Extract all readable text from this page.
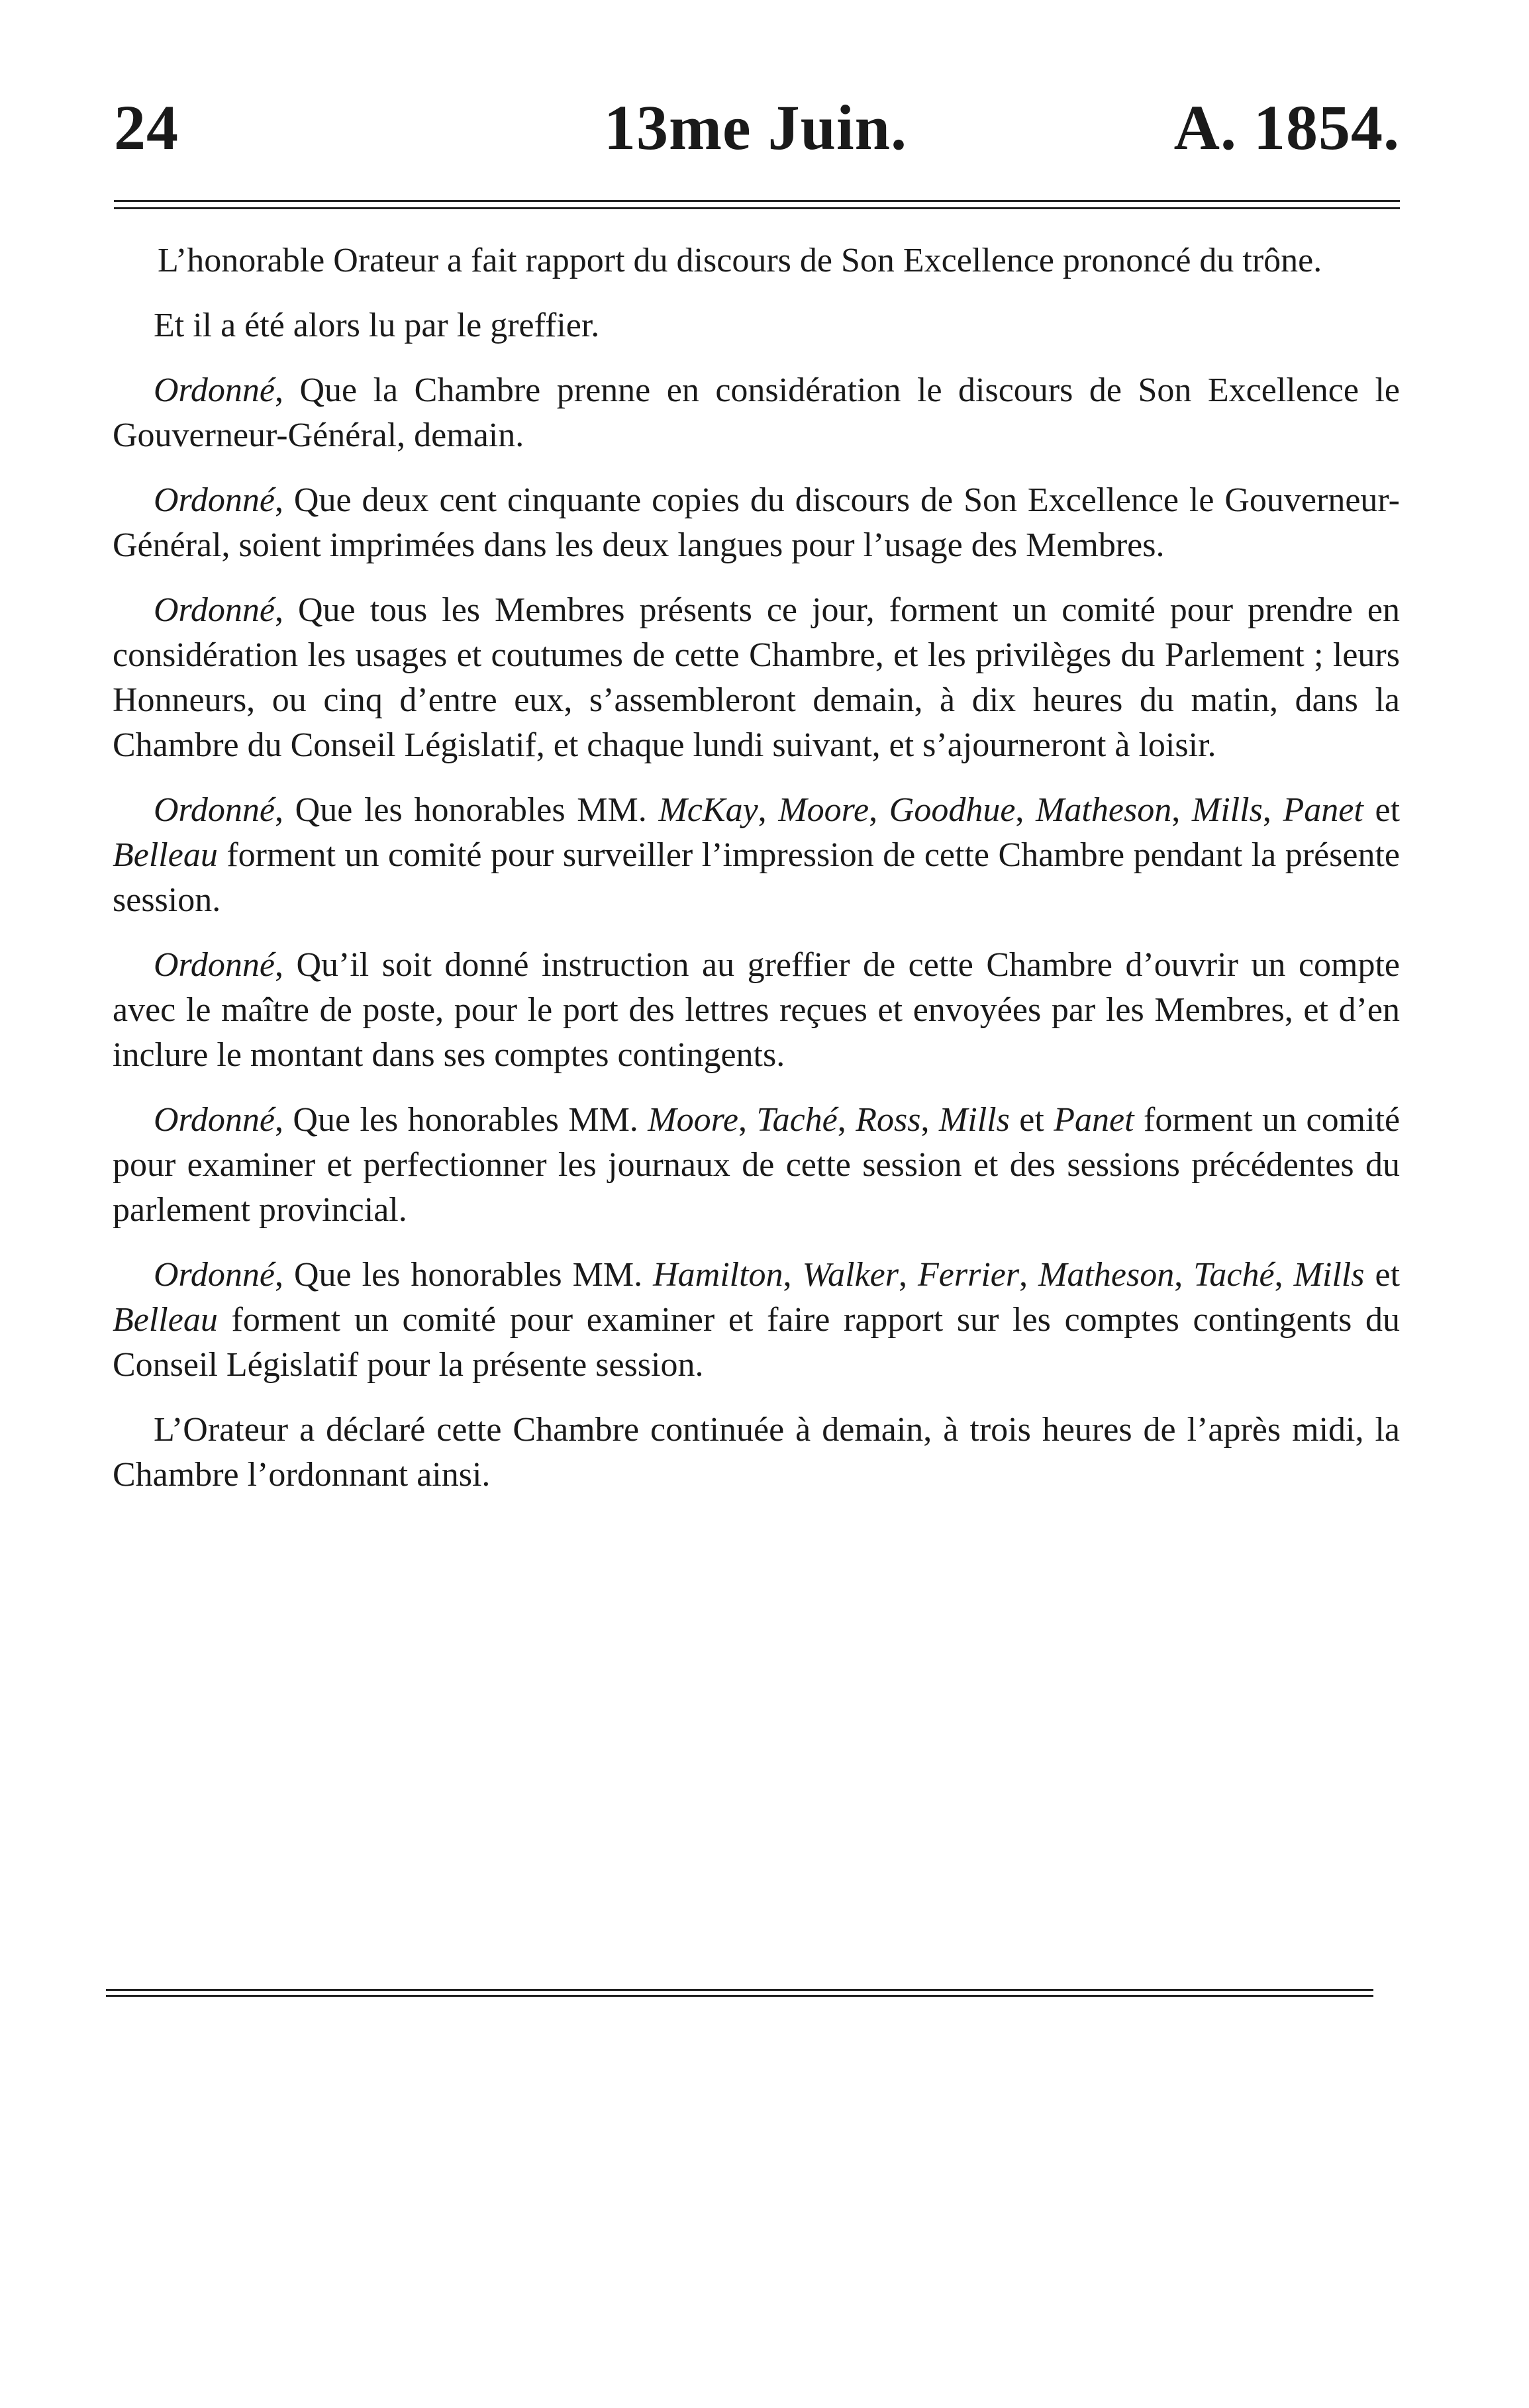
24	13me Juin.	A. 1854.

L’honorable Orateur a fait rapport du discours de Son Excellence prononcé du trône.

Et il a été alors lu par le greffier.

Ordonné, Que la Chambre prenne en considération le discours de Son Excellence le Gouverneur-Général, demain.

Ordonné, Que deux cent cinquante copies du discours de Son Excellence le Gouverneur-Général, soient imprimées dans les deux langues pour l’usage des Membres.

Ordonné, Que tous les Membres présents ce jour, forment un comité pour prendre en considération les usages et coutumes de cette Chambre, et les privilèges du Parlement ; leurs Honneurs, ou cinq d’entre eux, s’assembleront demain, à dix heures du matin, dans la Chambre du Conseil Législatif, et chaque lundi suivant, et s’ajourneront à loisir.

Ordonné, Que les honorables MM. McKay, Moore, Goodhue, Matheson, Mills, Panet et Belleau forment un comité pour surveiller l’impression de cette Chambre pendant la présente session.

Ordonné, Qu’il soit donné instruction au greffier de cette Chambre d’ouvrir un compte avec le maître de poste, pour le port des lettres reçues et envoyées par les Membres, et d’en inclure le montant dans ses comptes contingents.

Ordonné, Que les honorables MM. Moore, Taché, Ross, Mills et Panet forment un comité pour examiner et perfectionner les journaux de cette session et des sessions précédentes du parlement provincial.

Ordonné, Que les honorables MM. Hamilton, Walker, Ferrier, Matheson, Taché, Mills et Belleau forment un comité pour examiner et faire rapport sur les comptes contingents du Conseil Législatif pour la présente session.

L’Orateur a déclaré cette Chambre continuée à demain, à trois heures de l’après midi, la Chambre l’ordonnant ainsi.
